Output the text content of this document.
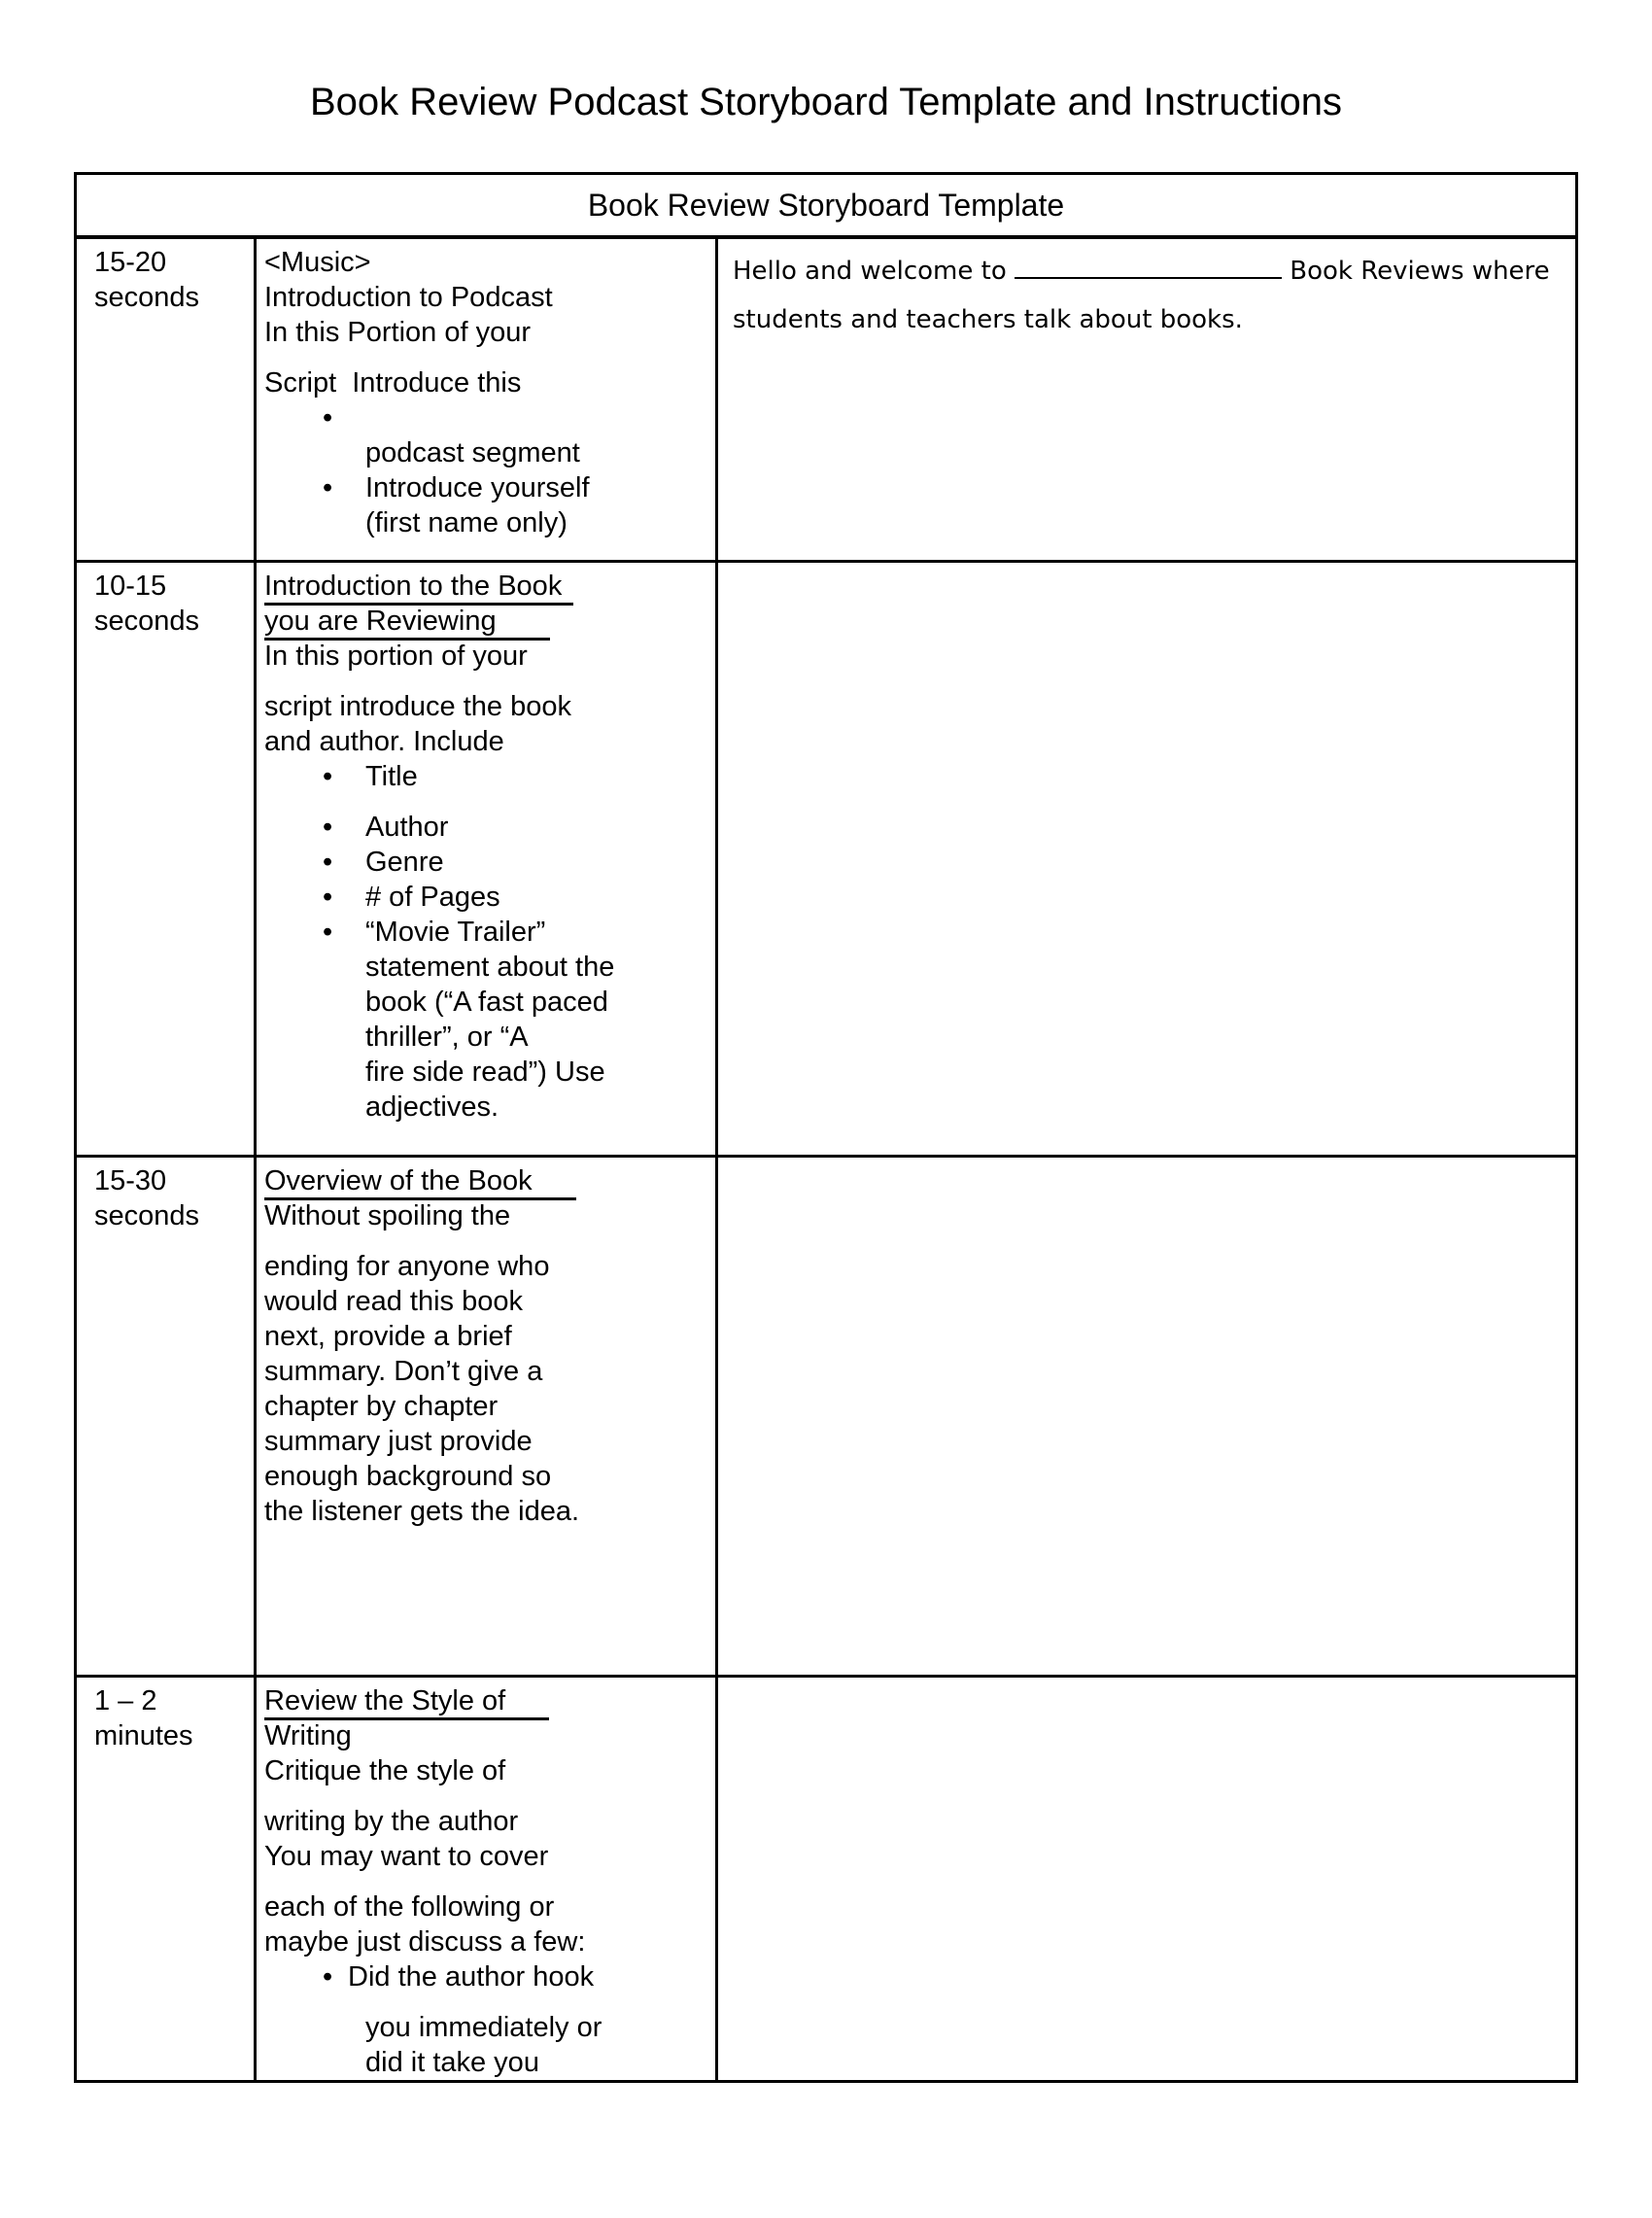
Book Review Podcast Storyboard Template and Instructions
Book Review Storyboard Template
15-20
seconds
<Music>
Introduction to Podcast
In this Portion of your
Script  Introduce this
•
podcast segment
• Introduce yourself
(first name only)
Hello and welcome to	Book Reviews where
students and teachers talk about books.
10-15
seconds
Introduction to the Book
you are Reviewing
In this portion of your
script introduce the book
and author. Include
• Title
• Author
• Genre
• # of Pages
• “Movie Trailer”
statement about the
book (“A fast paced
thriller”, or “A
fire side read”) Use
adjectives.
15-30
seconds
Overview of the Book
Without spoiling the
ending for anyone who
would read this book
next, provide a brief
summary. Don’t give a
chapter by chapter
summary just provide
enough background so
the listener gets the idea.
1 – 2
minutes
Review the Style of
Writing
Critique the style of
writing by the author
You may want to cover
each of the following or
maybe just discuss a few:
• Did the author hook
you immediately or
did it take you
